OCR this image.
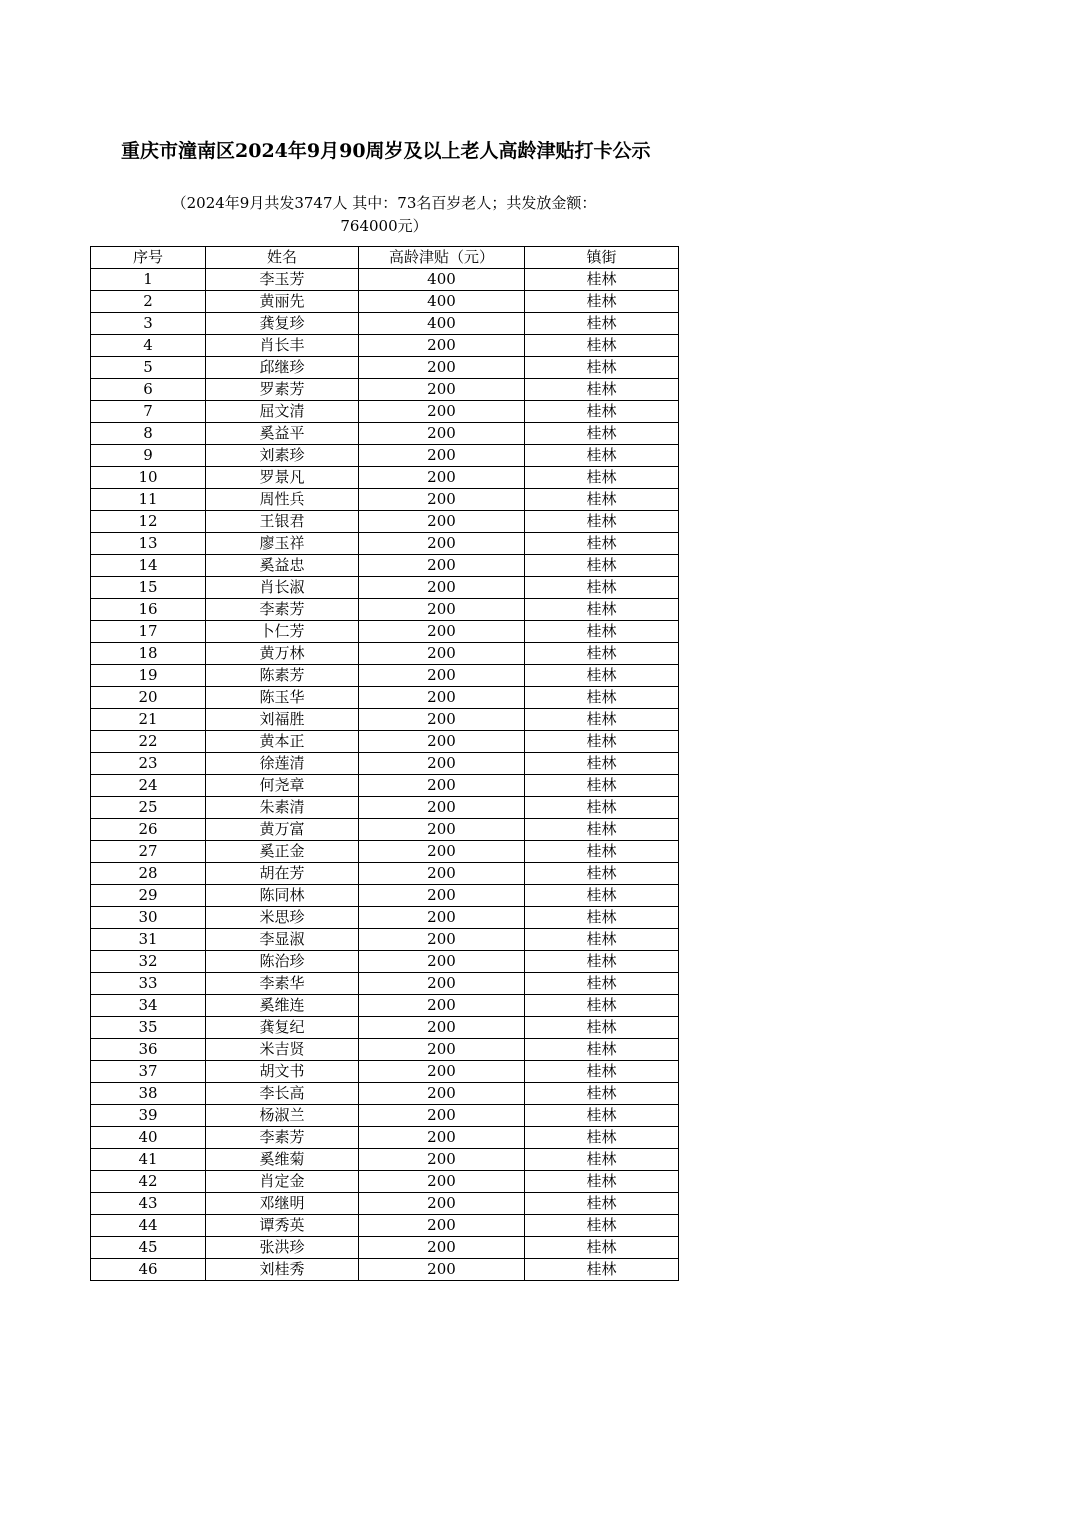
重庆市潼南区2024年9月90周岁及以上老人高龄津贴打卡公示
（2024年9月共发3747人 其中：73名百岁老人；共发放金额：
764000元）
序号	姓名	高龄津贴（元）	镇街
1	李玉芳	400	桂林
2	黄丽先	400	桂林
3	龚复珍	400	桂林
4	肖长丰	200	桂林
5	邱继珍	200	桂林
6	罗素芳	200	桂林
7	屈文清	200	桂林
8	奚益平	200	桂林
9	刘素珍	200	桂林
10	罗景凡	200	桂林
11	周性兵	200	桂林
12	王银君	200	桂林
13	廖玉祥	200	桂林
14	奚益忠	200	桂林
15	肖长淑	200	桂林
16	李素芳	200	桂林
17	卜仁芳	200	桂林
18	黄万林	200	桂林
19	陈素芳	200	桂林
20	陈玉华	200	桂林
21	刘福胜	200	桂林
22	黄本正	200	桂林
23	徐莲清	200	桂林
24	何尧章	200	桂林
25	朱素清	200	桂林
26	黄万富	200	桂林
27	奚正金	200	桂林
28	胡在芳	200	桂林
29	陈同林	200	桂林
30	米思珍	200	桂林
31	李显淑	200	桂林
32	陈治珍	200	桂林
33	李素华	200	桂林
34	奚维连	200	桂林
35	龚复纪	200	桂林
36	米吉贤	200	桂林
37	胡文书	200	桂林
38	李长高	200	桂林
39	杨淑兰	200	桂林
40	李素芳	200	桂林
41	奚维菊	200	桂林
42	肖定金	200	桂林
43	邓继明	200	桂林
44	谭秀英	200	桂林
45	张洪珍	200	桂林
46	刘桂秀	200	桂林
